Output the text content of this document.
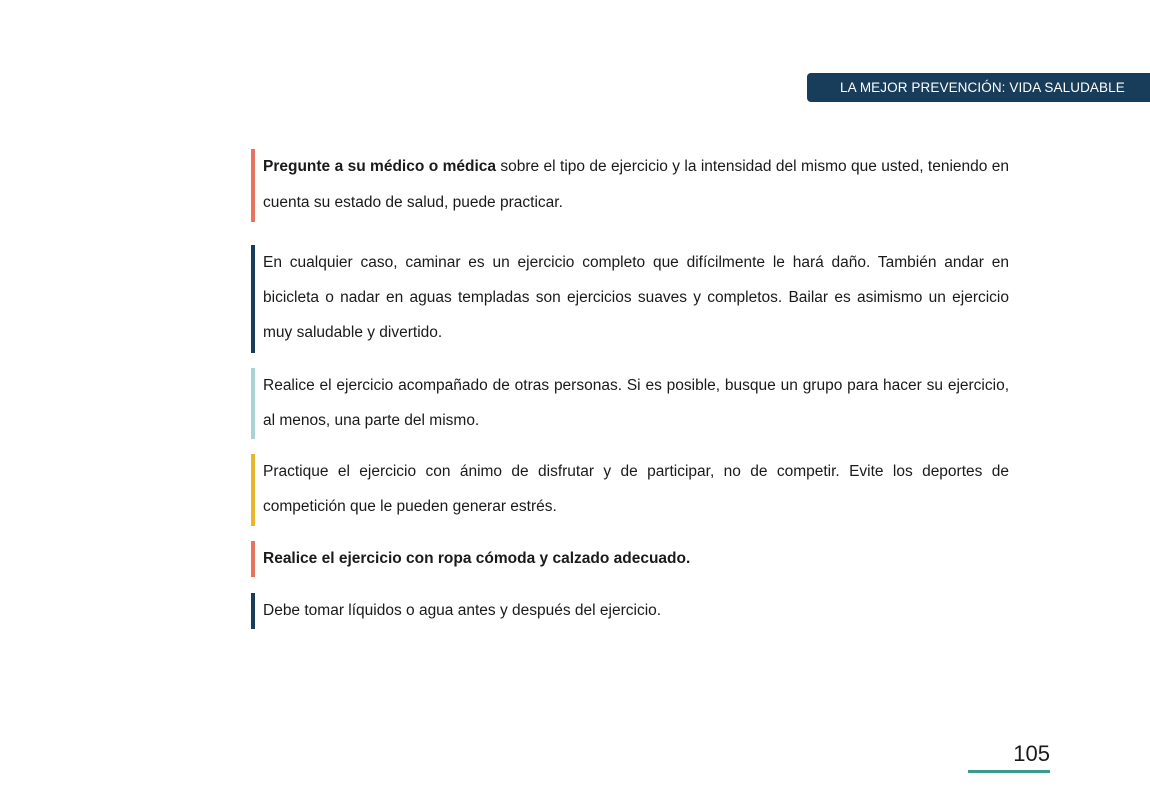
LA MEJOR PREVENCIÓN: VIDA SALUDABLE

Pregunte a su médico o médica sobre el tipo de ejercicio y la intensidad del mismo que usted, teniendo en cuenta su estado de salud, puede practicar.

En cualquier caso, caminar es un ejercicio completo que difícilmente le hará daño. También andar en bicicleta o nadar en aguas templadas son ejercicios suaves y completos. Bailar es asimismo un ejercicio muy saludable y divertido.

Realice el ejercicio acompañado de otras personas. Si es posible, busque un grupo para hacer su ejercicio, al menos, una parte del mismo.

Practique el ejercicio con ánimo de disfrutar y de participar, no de competir. Evite los deportes de competición que le pueden generar estrés.

Realice el ejercicio con ropa cómoda y calzado adecuado.

Debe tomar líquidos o agua antes y después del ejercicio.

105
